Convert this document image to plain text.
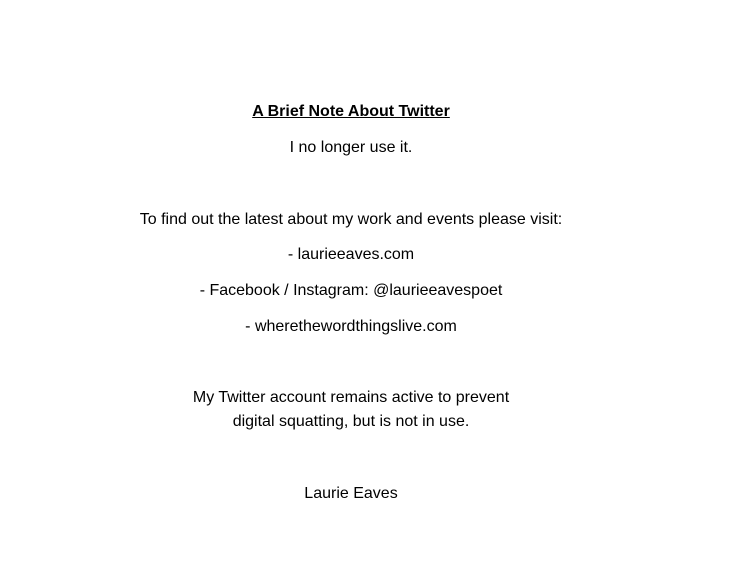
A Brief Note About Twitter
I no longer use it.
To find out the latest about my work and events please visit:
- laurieeaves.com
- Facebook / Instagram: @laurieeavespoet
- wherethewordthingslive.com
My Twitter account remains active to prevent
digital squatting, but is not in use.
Laurie Eaves
